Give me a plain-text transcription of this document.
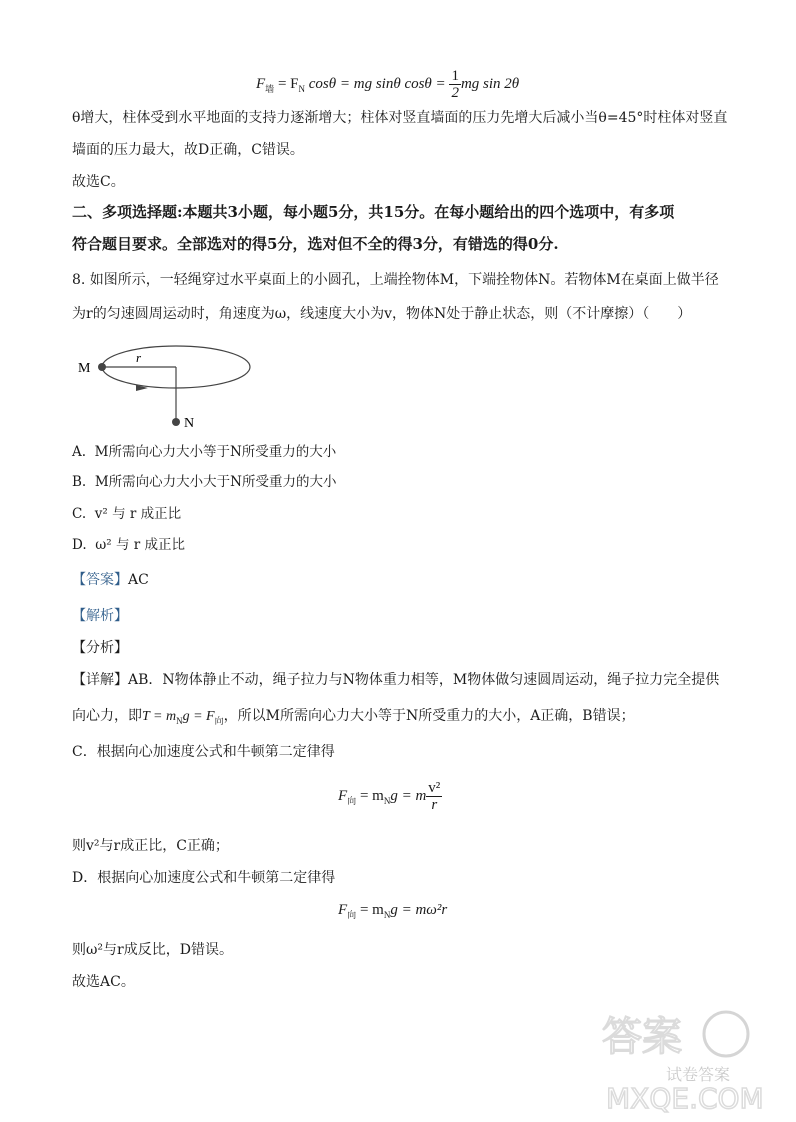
$F_墙 = F_N$ cosθ = mg sinθ $\cos\theta = \frac{1}{2}$ mg sin 2θ
θ增大，柱体受到水平地面的支持力逐渐增大；柱体对竖直墙面的压力先增大后减小当θ=45°时柱体对竖直
墙面的压力最大，故D正确，C错误。
故选C。
二、多项选择题:本题共3小题，每小题5分，共15分。在每小题给出的四个选项中，有多项
符合题目要求。全部选对的得5分，选对但不全的得3分，有错选的得0分.
8. 如图所示，一轻绳穿过水平桌面上的小圆孔，上端拴物体M，下端拴物体N。若物体M在桌面上做半径
为r的匀速圆周运动时，角速度为ω，线速度大小为v，物体N处于静止状态，则（不计摩擦）（　　）
M
r
N
A. M所需向心力大小等于N所受重力的大小
B. M所需向心力大小大于N所受重力的大小
C. v² 与 r 成正比
D. ω² 与 r 成正比
【答案】AC
【解析】
【分析】
【详解】AB．N物体静止不动，绳子拉力与N物体重力相等，M物体做匀速圆周运动，绳子拉力完全提供
向心力，即$T = m_Ng = F_向$，所以M所需向心力大小等于N所受重力的大小，A正确，B错误；
C．根据向心加速度公式和牛顿第二定律得
$F_向 = m_Ng = m \frac{\text{v²}}{r}$
则v²与r成正比，C正确；
D．根据向心加速度公式和牛顿第二定律得
$F_向 = m_Ng = m\omega^2r$
则ω²与r成反比，D错误。
故选AC。
答案
试卷答案
MXQE.COM
